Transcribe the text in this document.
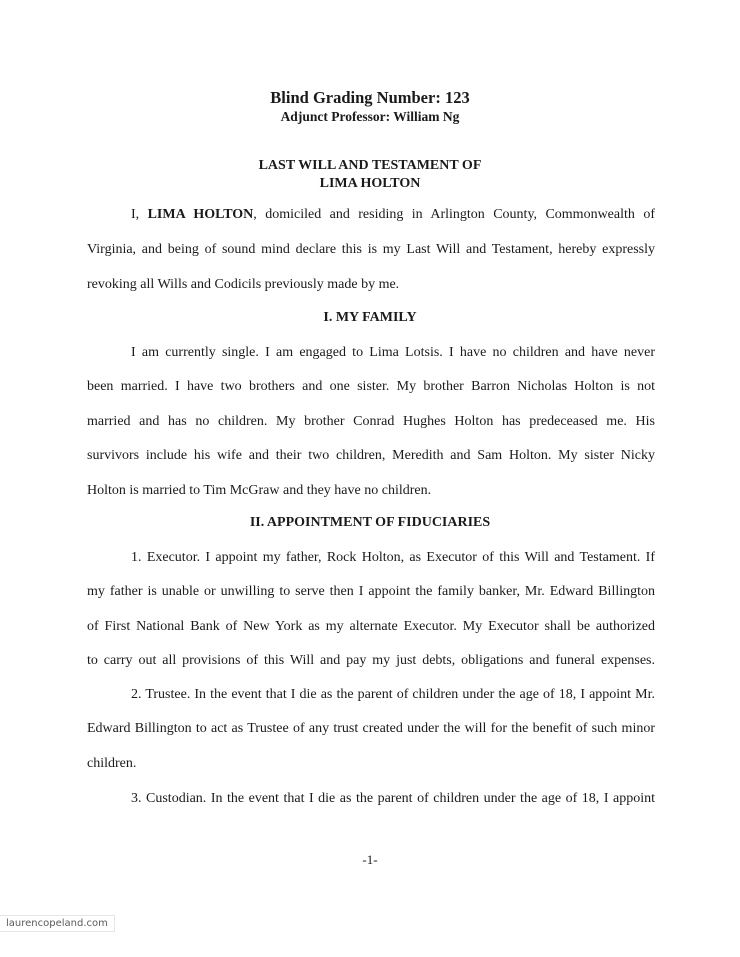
Blind Grading Number: 123
Adjunct Professor: William Ng
LAST WILL AND TESTAMENT OF
LIMA HOLTON
I, LIMA HOLTON, domiciled and residing in Arlington County, Commonwealth of
Virginia, and being of sound mind declare this is my Last Will and Testament, hereby expressly
revoking all Wills and Codicils previously made by me.
I. MY FAMILY
I am currently single. I am engaged to Lima Lotsis. I have no children and have never
been married. I have two brothers and one sister. My brother Barron Nicholas Holton is not
married and has no children. My brother Conrad Hughes Holton has predeceased me. His
survivors include his wife and their two children, Meredith and Sam Holton. My sister Nicky
Holton is married to Tim McGraw and they have no children.
II. APPOINTMENT OF FIDUCIARIES
1. Executor. I appoint my father, Rock Holton, as Executor of this Will and Testament. If
my father is unable or unwilling to serve then I appoint the family banker, Mr. Edward Billington
of First National Bank of New York as my alternate Executor. My Executor shall be authorized
to carry out all provisions of this Will and pay my just debts, obligations and funeral expenses.
2. Trustee. In the event that I die as the parent of children under the age of 18, I appoint Mr.
Edward Billington to act as Trustee of any trust created under the will for the benefit of such minor
children.
3. Custodian. In the event that I die as the parent of children under the age of 18, I appoint
-1-
laurencopeland.com
